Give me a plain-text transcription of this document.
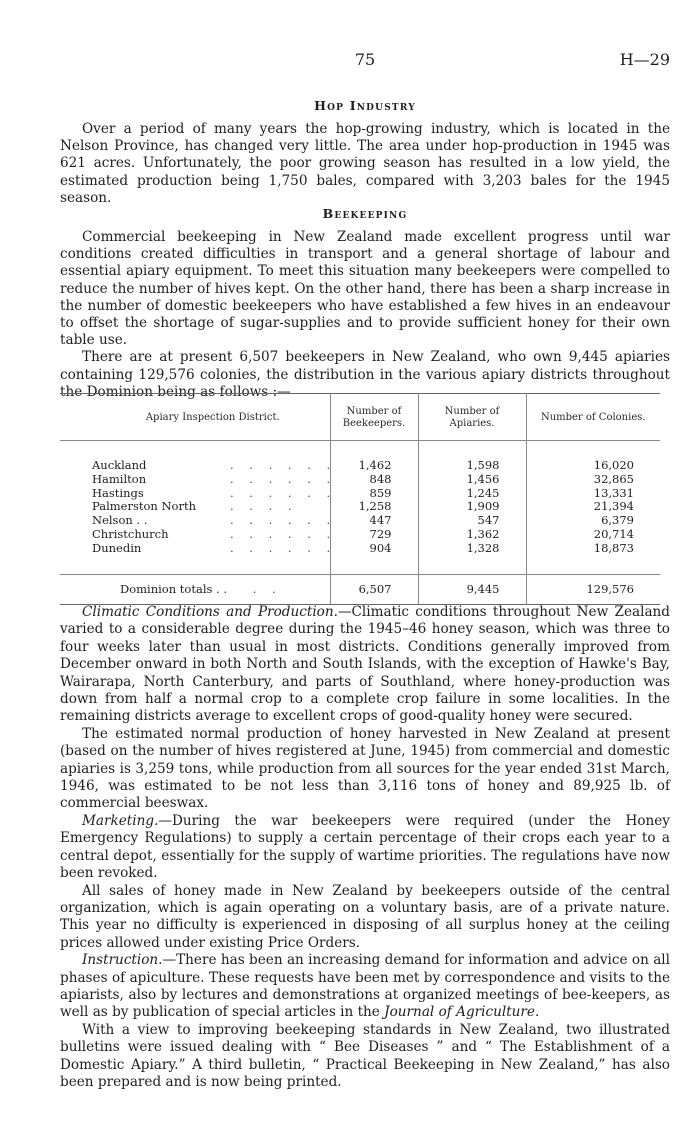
75	H—29
Hop Industry

Over a period of many years the hop-growing industry, which is located in the Nelson Province, has changed very little. The area under hop-production in 1945 was 621 acres. Unfortunately, the poor growing season has resulted in a low yield, the estimated production being 1,750 bales, compared with 3,203 bales for the 1945 season.

Beekeeping

Commercial beekeeping in New Zealand made excellent progress until war conditions created difficulties in transport and a general shortage of labour and essential apiary equipment. To meet this situation many beekeepers were compelled to reduce the number of hives kept. On the other hand, there has been a sharp increase in the number of domestic beekeepers who have established a few hives in an endeavour to offset the shortage of sugar-supplies and to provide sufficient honey for their own table use.

There are at present 6,507 beekeepers in New Zealand, who own 9,445 apiaries containing 129,576 colonies, the distribution in the various apiary districts throughout the Dominion being as follows :—

Apiary Inspection District.	Number of Beekeepers.	Number of Apiaries.	Number of Colonies.

Auckland . . . . . .	1,462	1,598	16,020
Hamilton . . . . . .	848	1,456	32,865
Hastings . . . . . .	859	1,245	13,331
Palmerston North . . . .	1,258	1,909	21,394
Nelson . . . . . . . .	447	547	6,379
Christchurch . . . . . .	729	1,362	20,714
Dunedin . . . . . .	904	1,328	18,873

Dominion totals . . . .	6,507	9,445	129,576

Climatic Conditions and Production.—Climatic conditions throughout New Zealand varied to a considerable degree during the 1945–46 honey season, which was three to four weeks later than usual in most districts. Conditions generally improved from December onward in both North and South Islands, with the exception of Hawke's Bay, Wairarapa, North Canterbury, and parts of Southland, where honey-production was down from half a normal crop to a complete crop failure in some localities. In the remaining districts average to excellent crops of good-quality honey were secured.

The estimated normal production of honey harvested in New Zealand at present (based on the number of hives registered at June, 1945) from commercial and domestic apiaries is 3,259 tons, while production from all sources for the year ended 31st March, 1946, was estimated to be not less than 3,116 tons of honey and 89,925 lb. of commercial beeswax.

Marketing.—During the war beekeepers were required (under the Honey Emergency Regulations) to supply a certain percentage of their crops each year to a central depot, essentially for the supply of wartime priorities. The regulations have now been revoked.

All sales of honey made in New Zealand by beekeepers outside of the central organization, which is again operating on a voluntary basis, are of a private nature. This year no difficulty is experienced in disposing of all surplus honey at the ceiling prices allowed under existing Price Orders.

Instruction.—There has been an increasing demand for information and advice on all phases of apiculture. These requests have been met by correspondence and visits to the apiarists, also by lectures and demonstrations at organized meetings of bee-keepers, as well as by publication of special articles in the Journal of Agriculture.

With a view to improving beekeeping standards in New Zealand, two illustrated bulletins were issued dealing with “ Bee Diseases ” and “ The Establishment of a Domestic Apiary.” A third bulletin, “ Practical Beekeeping in New Zealand,” has also been prepared and is now being printed.
